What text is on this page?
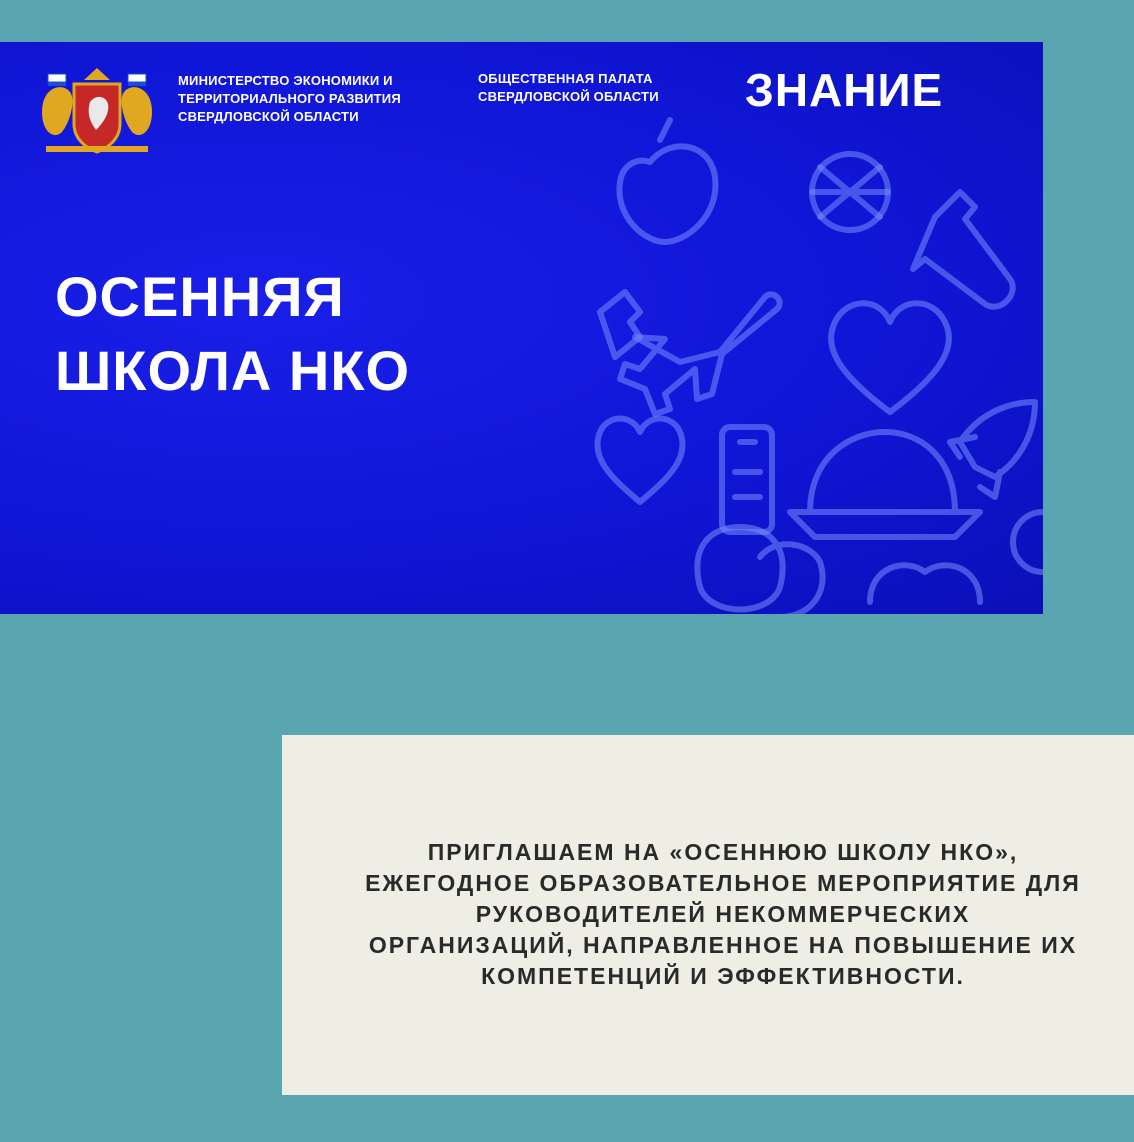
МИНИСТЕРСТВО ЭКОНОМИКИ И
ТЕРРИТОРИАЛЬНОГО РАЗВИТИЯ
СВЕРДЛОВСКОЙ ОБЛАСТИ

ОБЩЕСТВЕННАЯ ПАЛАТА
СВЕРДЛОВСКОЙ ОБЛАСТИ ЗНАНИЕ
ОСЕННЯЯ
ШКОЛА НКО

ПРИГЛАШАЕМ НА «ОСЕННЮЮ ШКОЛУ НКО»,
ЕЖЕГОДНОЕ ОБРАЗОВАТЕЛЬНОЕ МЕРОПРИЯТИЕ ДЛЯ
РУКОВОДИТЕЛЕЙ НЕКОММЕРЧЕСКИХ
ОРГАНИЗАЦИЙ, НАПРАВЛЕННОЕ НА ПОВЫШЕНИЕ ИХ
КОМПЕТЕНЦИЙ И ЭФФЕКТИВНОСТИ.
